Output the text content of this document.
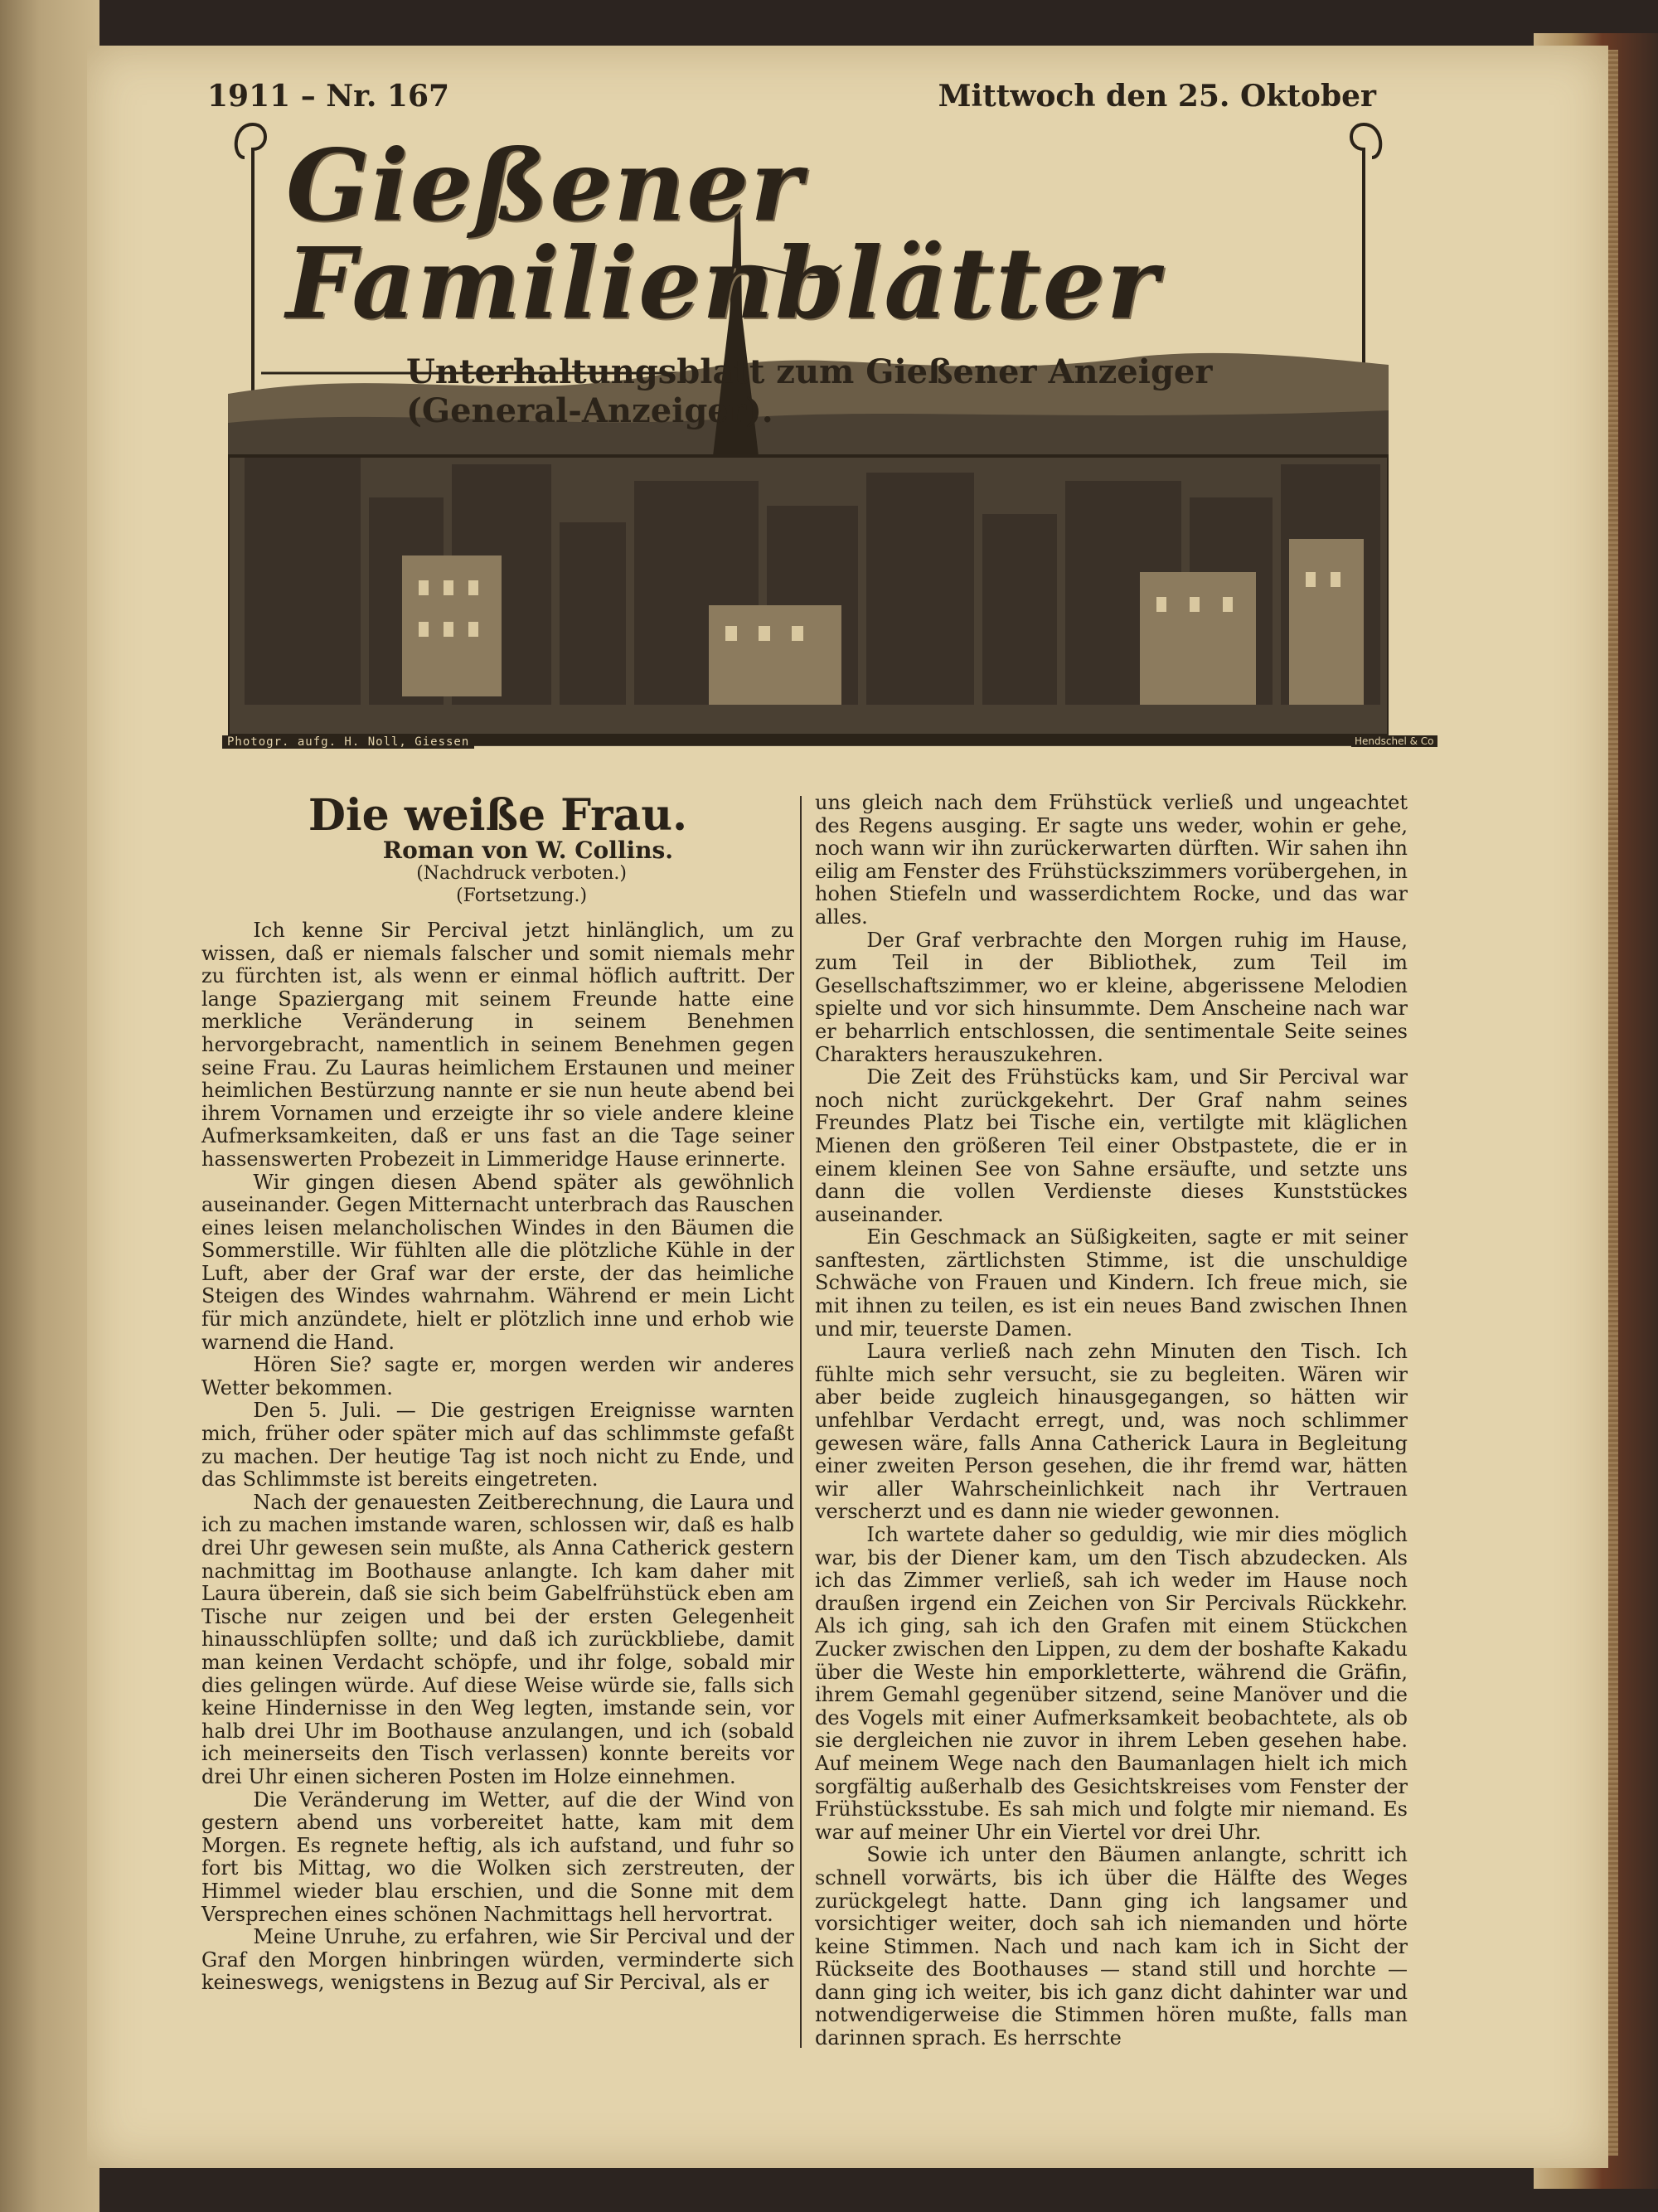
1911 – Nr. 167	Mittwoch den 25. Oktober
Gießener Familienblätter
Unterhaltungsblatt zum Gießener Anzeiger (General-Anzeiger).
Photogr. aufg. H. Noll, Giessen	Hendschel & Co

Die weiße Frau.

Roman von W. Collins.

(Nachdruck verboten.)

(Fortsetzung.)

Ich kenne Sir Percival jetzt hinlänglich, um zu wissen, daß er niemals falscher und somit niemals mehr zu fürchten ist, als wenn er einmal höflich auftritt. Der lange Spaziergang mit seinem Freunde hatte eine merkliche Veränderung in seinem Benehmen hervorgebracht, namentlich in seinem Benehmen gegen seine Frau. Zu Lauras heimlichem Erstaunen und meiner heimlichen Bestürzung nannte er sie nun heute abend bei ihrem Vornamen und erzeigte ihr so viele andere kleine Aufmerksamkeiten, daß er uns fast an die Tage seiner hassenswerten Probezeit in Limmeridge Hause erinnerte.

Wir gingen diesen Abend später als gewöhnlich auseinander. Gegen Mitternacht unterbrach das Rauschen eines leisen melancholischen Windes in den Bäumen die Sommerstille. Wir fühlten alle die plötzliche Kühle in der Luft, aber der Graf war der erste, der das heimliche Steigen des Windes wahrnahm. Während er mein Licht für mich anzündete, hielt er plötzlich inne und erhob wie warnend die Hand.

Hören Sie? sagte er, morgen werden wir anderes Wetter bekommen.

Den 5. Juli. — Die gestrigen Ereignisse warnten mich, früher oder später mich auf das schlimmste gefaßt zu machen. Der heutige Tag ist noch nicht zu Ende, und das Schlimmste ist bereits eingetreten.

Nach der genauesten Zeitberechnung, die Laura und ich zu machen imstande waren, schlossen wir, daß es halb drei Uhr gewesen sein mußte, als Anna Catherick gestern nachmittag im Boothause anlangte. Ich kam daher mit Laura überein, daß sie sich beim Gabelfrühstück eben am Tische nur zeigen und bei der ersten Gelegenheit hinausschlüpfen sollte; und daß ich zurückbliebe, damit man keinen Verdacht schöpfe, und ihr folge, sobald mir dies gelingen würde. Auf diese Weise würde sie, falls sich keine Hindernisse in den Weg legten, imstande sein, vor halb drei Uhr im Boothause anzulangen, und ich (sobald ich meinerseits den Tisch verlassen) konnte bereits vor drei Uhr einen sicheren Posten im Holze einnehmen.

Die Veränderung im Wetter, auf die der Wind von gestern abend uns vorbereitet hatte, kam mit dem Morgen. Es regnete heftig, als ich aufstand, und fuhr so fort bis Mittag, wo die Wolken sich zerstreuten, der Himmel wieder blau erschien, und die Sonne mit dem Versprechen eines schönen Nachmittags hell hervortrat.

Meine Unruhe, zu erfahren, wie Sir Percival und der Graf den Morgen hinbringen würden, verminderte sich keineswegs, wenigstens in Bezug auf Sir Percival, als er

uns gleich nach dem Frühstück verließ und ungeachtet des Regens ausging. Er sagte uns weder, wohin er gehe, noch wann wir ihn zurückerwarten dürften. Wir sahen ihn eilig am Fenster des Frühstückszimmers vorübergehen, in hohen Stiefeln und wasserdichtem Rocke, und das war alles.

Der Graf verbrachte den Morgen ruhig im Hause, zum Teil in der Bibliothek, zum Teil im Gesellschaftszimmer, wo er kleine, abgerissene Melodien spielte und vor sich hinsummte. Dem Anscheine nach war er beharrlich entschlossen, die sentimentale Seite seines Charakters herauszukehren.

Die Zeit des Frühstücks kam, und Sir Percival war noch nicht zurückgekehrt. Der Graf nahm seines Freundes Platz bei Tische ein, vertilgte mit kläglichen Mienen den größeren Teil einer Obstpastete, die er in einem kleinen See von Sahne ersäufte, und setzte uns dann die vollen Verdienste dieses Kunststückes auseinander.

Ein Geschmack an Süßigkeiten, sagte er mit seiner sanftesten, zärtlichsten Stimme, ist die unschuldige Schwäche von Frauen und Kindern. Ich freue mich, sie mit ihnen zu teilen, es ist ein neues Band zwischen Ihnen und mir, teuerste Damen.

Laura verließ nach zehn Minuten den Tisch. Ich fühlte mich sehr versucht, sie zu begleiten. Wären wir aber beide zugleich hinausgegangen, so hätten wir unfehlbar Verdacht erregt, und, was noch schlimmer gewesen wäre, falls Anna Catherick Laura in Begleitung einer zweiten Person gesehen, die ihr fremd war, hätten wir aller Wahrscheinlichkeit nach ihr Vertrauen verscherzt und es dann nie wieder gewonnen.

Ich wartete daher so geduldig, wie mir dies möglich war, bis der Diener kam, um den Tisch abzudecken. Als ich das Zimmer verließ, sah ich weder im Hause noch draußen irgend ein Zeichen von Sir Percivals Rückkehr. Als ich ging, sah ich den Grafen mit einem Stückchen Zucker zwischen den Lippen, zu dem der boshafte Kakadu über die Weste hin emporkletterte, während die Gräfin, ihrem Gemahl gegenüber sitzend, seine Manöver und die des Vogels mit einer Aufmerksamkeit beobachtete, als ob sie dergleichen nie zuvor in ihrem Leben gesehen habe. Auf meinem Wege nach den Baumanlagen hielt ich mich sorgfältig außerhalb des Gesichtskreises vom Fenster der Frühstücksstube. Es sah mich und folgte mir niemand. Es war auf meiner Uhr ein Viertel vor drei Uhr.

Sowie ich unter den Bäumen anlangte, schritt ich schnell vorwärts, bis ich über die Hälfte des Weges zurückgelegt hatte. Dann ging ich langsamer und vorsichtiger weiter, doch sah ich niemanden und hörte keine Stimmen. Nach und nach kam ich in Sicht der Rückseite des Boothauses — stand still und horchte — dann ging ich weiter, bis ich ganz dicht dahinter war und notwendigerweise die Stimmen hören mußte, falls man darinnen sprach. Es herrschte
